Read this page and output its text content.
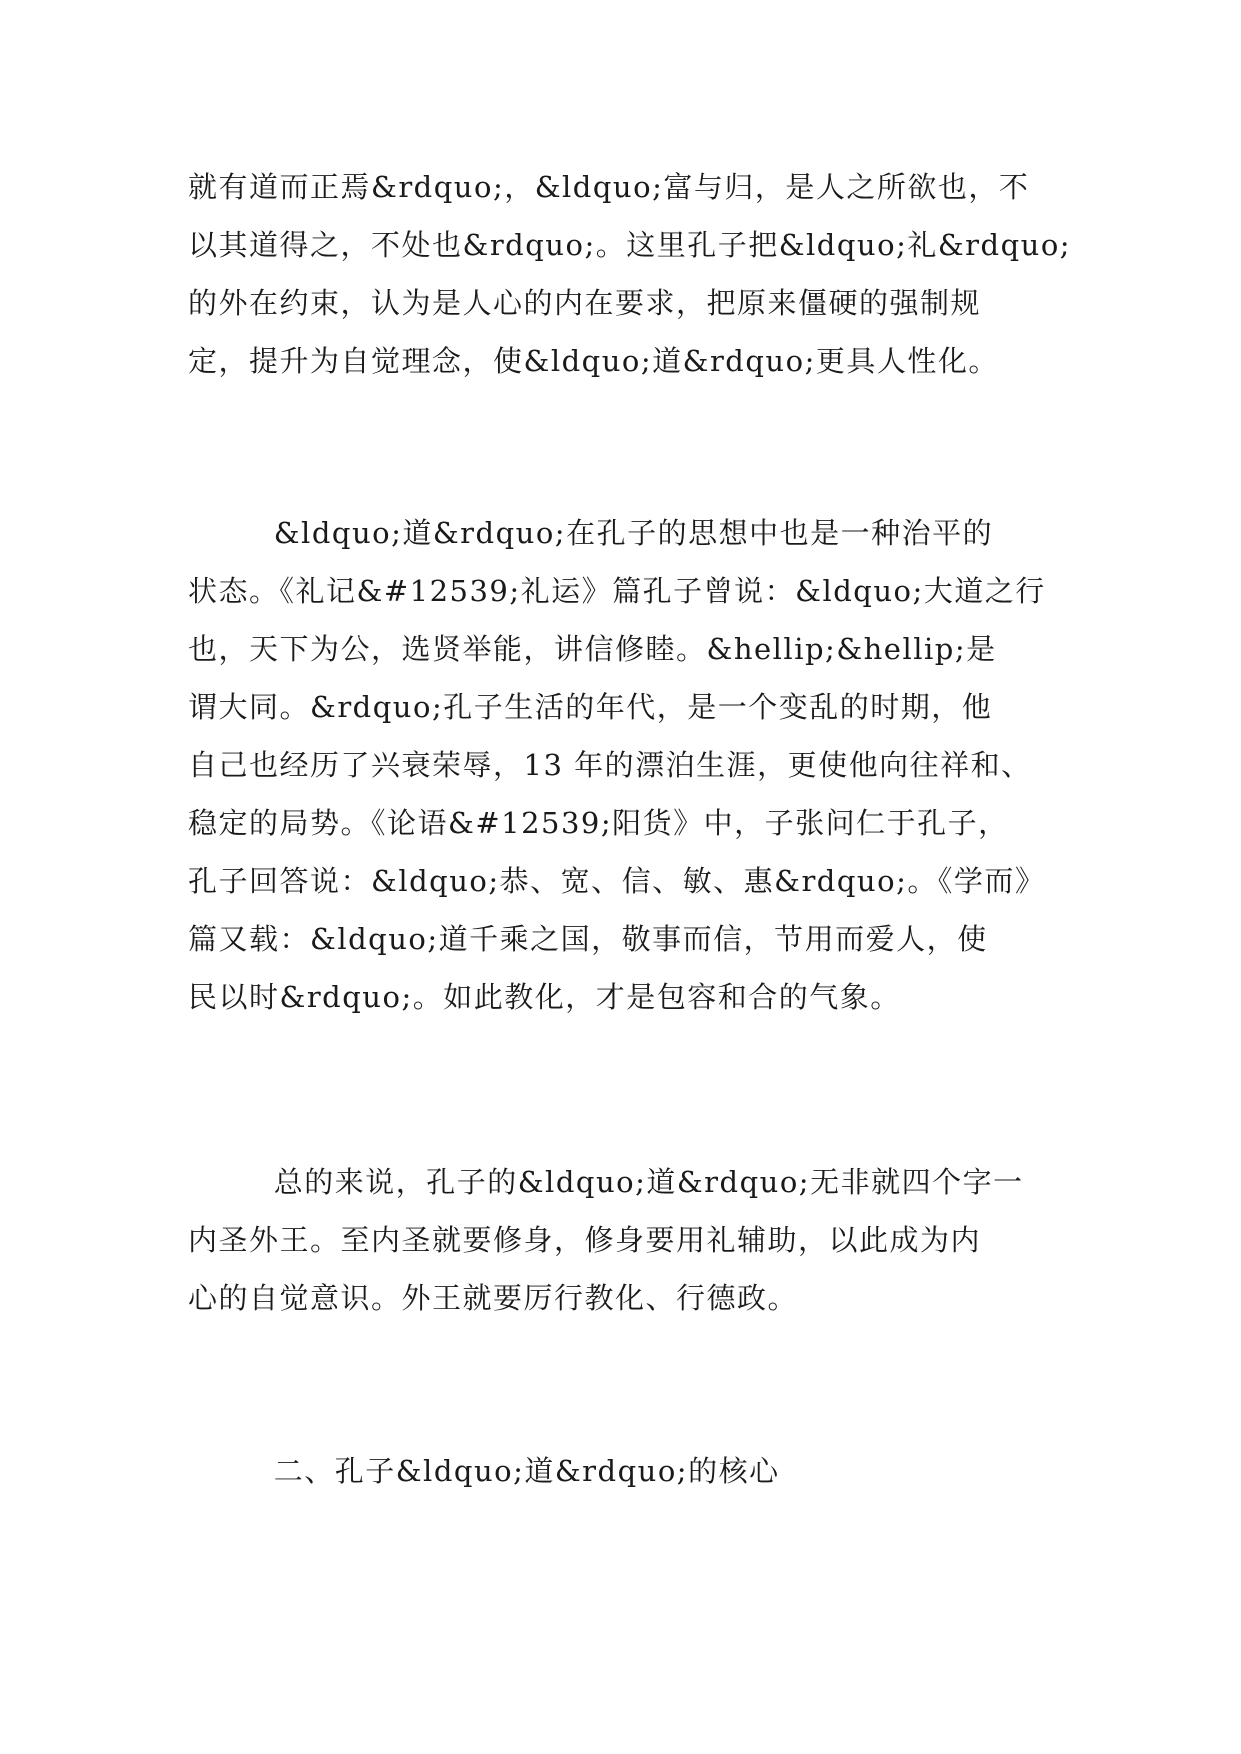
就有道而正焉&rdquo;，&ldquo;富与归，是人之所欲也，不
以其道得之，不处也&rdquo;。这里孔子把&ldquo;礼&rdquo;
的外在约束，认为是人心的内在要求，把原来僵硬的强制规
定，提升为自觉理念，使&ldquo;道&rdquo;更具人性化。
&ldquo;道&rdquo;在孔子的思想中也是一种治平的
状态。《礼记&#12539;礼运》篇孔子曾说：&ldquo;大道之行
也，天下为公，选贤举能，讲信修睦。&hellip;&hellip;是
谓大同。&rdquo;孔子生活的年代，是一个变乱的时期，他
自己也经历了兴衰荣辱，13 年的漂泊生涯，更使他向往祥和、
稳定的局势。《论语&#12539;阳货》中，子张问仁于孔子，
孔子回答说：&ldquo;恭、宽、信、敏、惠&rdquo;。《学而》
篇又载：&ldquo;道千乘之国，敬事而信，节用而爱人，使
民以时&rdquo;。如此教化，才是包容和合的气象。
总的来说，孔子的&ldquo;道&rdquo;无非就四个字一
内圣外王。至内圣就要修身，修身要用礼辅助，以此成为内
心的自觉意识。外王就要厉行教化、行德政。
二、孔子&ldquo;道&rdquo;的核心
